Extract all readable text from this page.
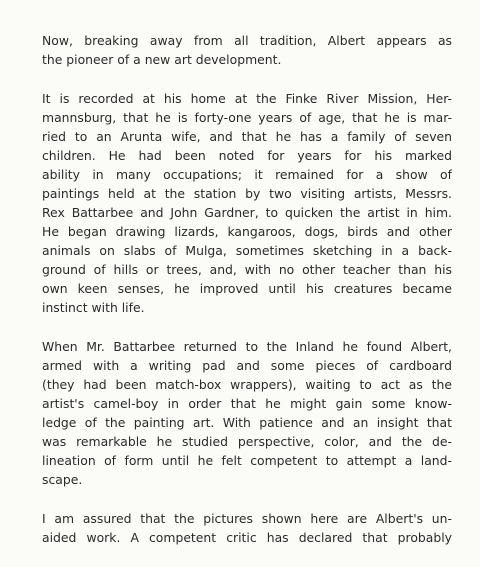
Now, breaking away from all tradition, Albert appears as
the pioneer of a new art development.
It is recorded at his home at the Finke River Mission, Her-
mannsburg, that he is forty-one years of age, that he is mar-
ried to an Arunta wife, and that he has a family of seven
children. He had been noted for years for his marked
ability in many occupations; it remained for a show of
paintings held at the station by two visiting artists, Messrs.
Rex Battarbee and John Gardner, to quicken the artist in him.
He began drawing lizards, kangaroos, dogs, birds and other
animals on slabs of Mulga, sometimes sketching in a back-
ground of hills or trees, and, with no other teacher than his
own keen senses, he improved until his creatures became
instinct with life.
When Mr. Battarbee returned to the Inland he found Albert,
armed with a writing pad and some pieces of cardboard
(they had been match-box wrappers), waiting to act as the
artist's camel-boy in order that he might gain some know-
ledge of the painting art. With patience and an insight that
was remarkable he studied perspective, color, and the de-
lineation of form until he felt competent to attempt a land-
scape.
I am assured that the pictures shown here are Albert's un-
aided work. A competent critic has declared that probably
